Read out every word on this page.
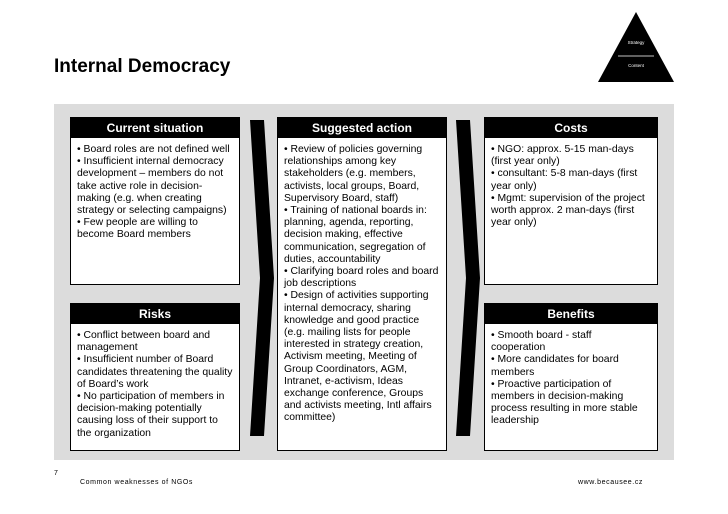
Internal Democracy
Strategy
Content
Current situation
• Board roles are not defined well
• Insufficient internal democracy
development – members do not
take active role in decision-
making (e.g. when creating
strategy or selecting campaigns)
• Few people are willing to
become Board members
Risks
• Conflict between board and
management
• Insufficient number of Board
candidates threatening the quality
of Board’s work
• No participation of members in
decision-making potentially
causing loss of their support to
the organization
Suggested action
• Review of policies governing
relationships among key
stakeholders (e.g. members,
activists, local groups, Board,
Supervisory Board, staff)
• Training of national boards in:
planning, agenda, reporting,
decision making, effective
communication, segregation of
duties, accountability
• Clarifying board roles and board
job descriptions
• Design of activities supporting
internal democracy, sharing
knowledge and good practice
(e.g. mailing lists for people
interested in strategy creation,
Activism meeting, Meeting of
Group Coordinators, AGM,
Intranet, e-activism, Ideas
exchange conference, Groups
and activists meeting, Intl affairs
committee)
Costs
• NGO: approx. 5-15 man-days
(first year only)
• consultant: 5-8 man-days (first
year only)
• Mgmt: supervision of the project
worth approx. 2 man-days (first
year only)
Benefits
• Smooth board - staff
cooperation
• More candidates for board
members
• Proactive participation of
members in decision-making
process resulting in more stable
leadership
7
Common weaknesses of NGOs	www.becausee.cz
